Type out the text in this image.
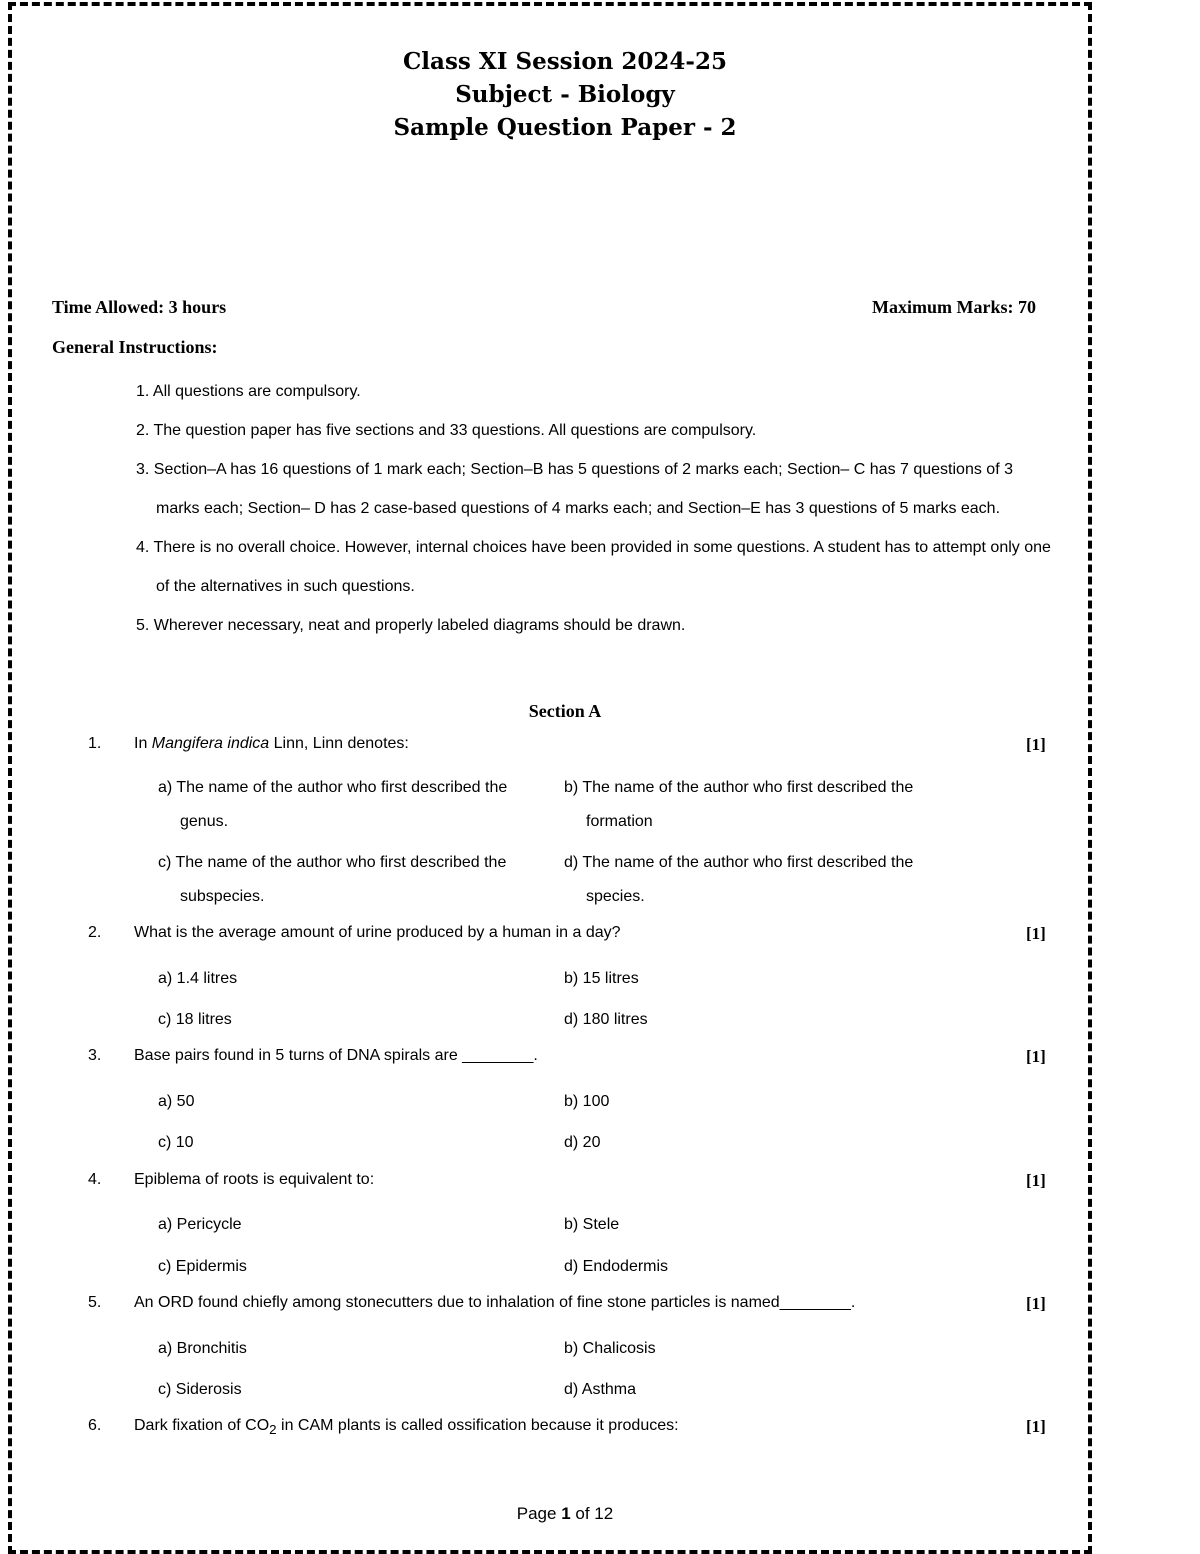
Class XI Session 2024-25
Subject - Biology
Sample Question Paper - 2
Time Allowed: 3 hours	Maximum Marks: 70
General Instructions:
1. All questions are compulsory.
2. The question paper has five sections and 33 questions. All questions are compulsory.
3. Section–A has 16 questions of 1 mark each; Section–B has 5 questions of 2 marks each; Section– C has 7 questions of 3 marks each; Section– D has 2 case-based questions of 4 marks each; and Section–E has 3 questions of 5 marks each.
4. There is no overall choice. However, internal choices have been provided in some questions. A student has to attempt only one of the alternatives in such questions.
5. Wherever necessary, neat and properly labeled diagrams should be drawn.
Section A
1. In Mangifera indica Linn, Linn denotes:	[1]
a) The name of the author who first described the genus.
b) The name of the author who first described the formation
c) The name of the author who first described the subspecies.
d) The name of the author who first described the species.
2. What is the average amount of urine produced by a human in a day?	[1]
a) 1.4 litres	b) 15 litres
c) 18 litres	d) 180 litres
3. Base pairs found in 5 turns of DNA spirals are ________.	[1]
a) 50	b) 100
c) 10	d) 20
4. Epiblema of roots is equivalent to:	[1]
a) Pericycle	b) Stele
c) Epidermis	d) Endodermis
5. An ORD found chiefly among stonecutters due to inhalation of fine stone particles is named________.	[1]
a) Bronchitis	b) Chalicosis
c) Siderosis	d) Asthma
6. Dark fixation of $CO_2$ in CAM plants is called ossification because it produces:	[1]
Page 1 of 12
